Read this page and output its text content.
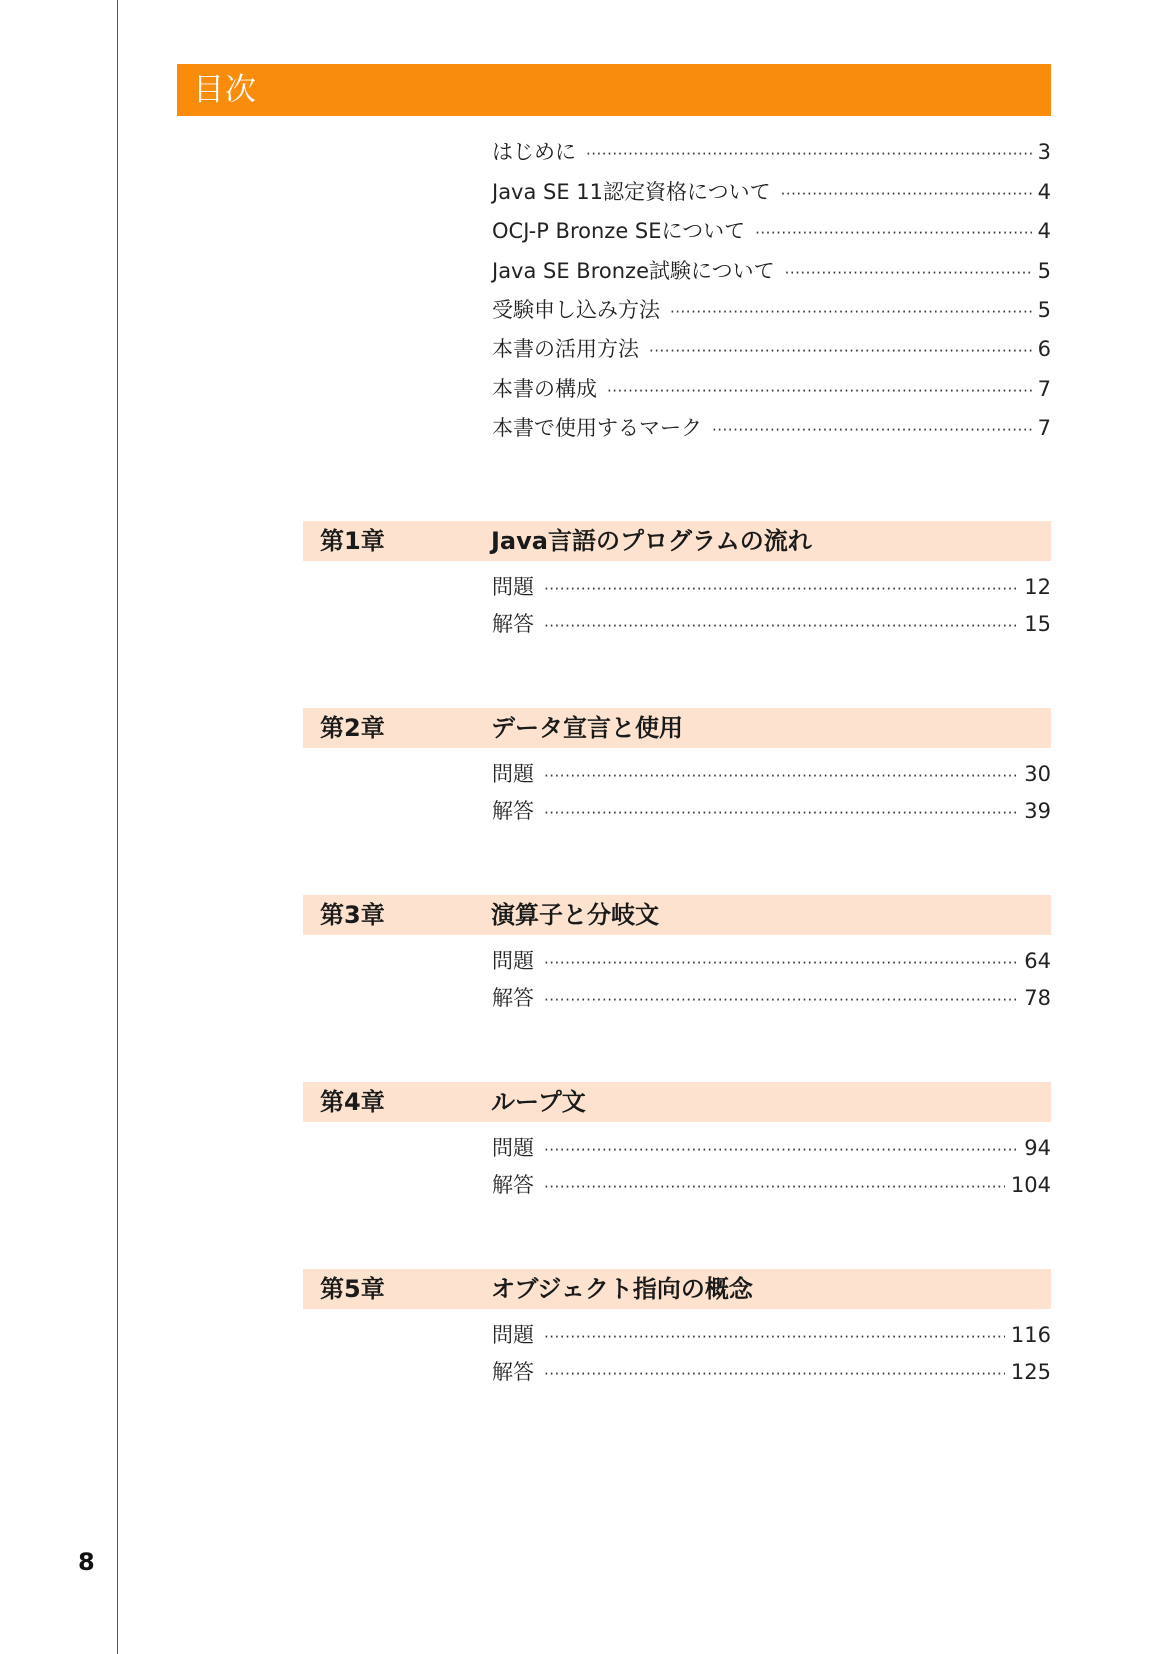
8
目次
はじめに ·····	3
Java SE 11認定資格について ·····	4
OCJ-P Bronze SEについて ·····	4
Java SE Bronze試験について ·····	5
受験申し込み方法 ·····	5
本書の活用方法 ·····	6
本書の構成 ·····	7
本書で使用するマーク ·····	7
第1章	Java言語のプログラムの流れ
問題 ·····	12
解答 ·····	15
第2章	データ宣言と使用
問題 ·····	30
解答 ·····	39
第3章	演算子と分岐文
問題 ·····	64
解答 ·····	78
第4章	ループ文
問題 ·····	94
解答 ·····	104
第5章	オブジェクト指向の概念
問題 ·····	116
解答 ·····	125
